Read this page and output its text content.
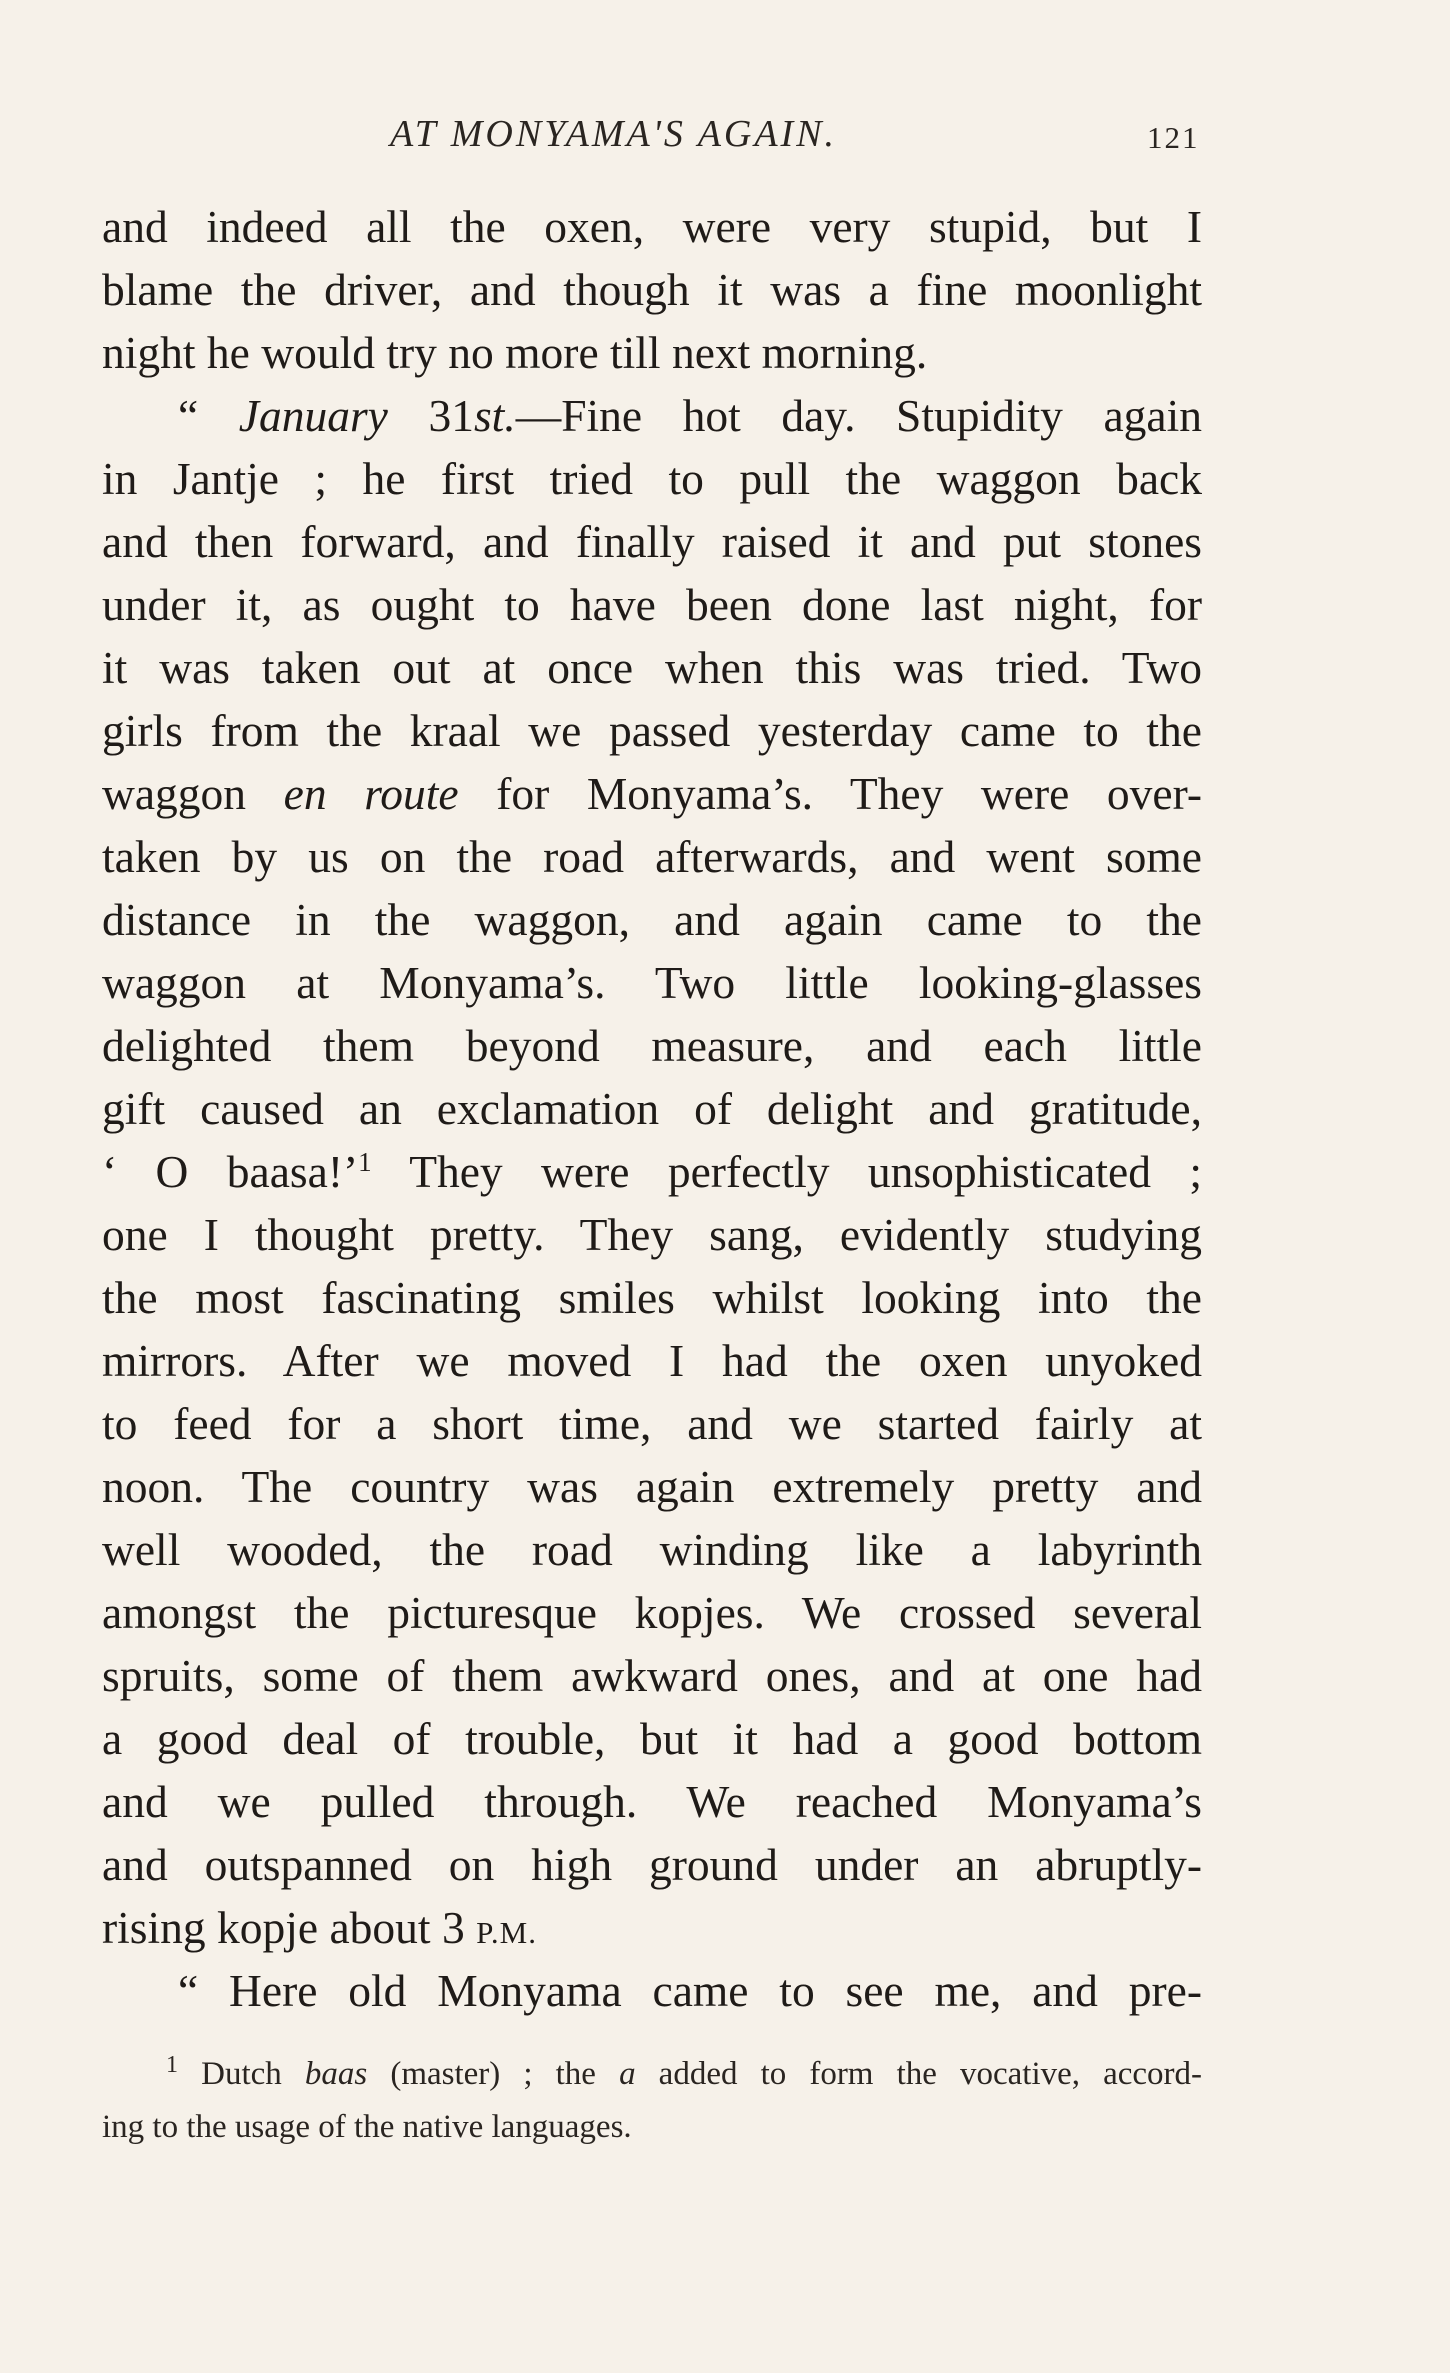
AT MONYAMA'S AGAIN.	121
and indeed all the oxen, were very stupid, but I
blame the driver, and though it was a fine moonlight
night he would try no more till next morning.
“ January 31st.—Fine hot day. Stupidity again
in Jantje ; he first tried to pull the waggon back
and then forward, and finally raised it and put stones
under it, as ought to have been done last night, for
it was taken out at once when this was tried. Two
girls from the kraal we passed yesterday came to the
waggon en route for Monyama’s. They were over-
taken by us on the road afterwards, and went some
distance in the waggon, and again came to the
waggon at Monyama’s. Two little looking-glasses
delighted them beyond measure, and each little
gift caused an exclamation of delight and gratitude,
‘ O baasa!’$^1$ They were perfectly unsophisticated ;
one I thought pretty. They sang, evidently studying
the most fascinating smiles whilst looking into the
mirrors. After we moved I had the oxen unyoked
to feed for a short time, and we started fairly at
noon. The country was again extremely pretty and
well wooded, the road winding like a labyrinth
amongst the picturesque kopjes. We crossed several
spruits, some of them awkward ones, and at one had
a good deal of trouble, but it had a good bottom
and we pulled through. We reached Monyama’s
and outspanned on high ground under an abruptly-
rising kopje about 3 P.M.
“ Here old Monyama came to see me, and pre-
$^1$ Dutch baas (master) ; the a added to form the vocative, accord-
ing to the usage of the native languages.
